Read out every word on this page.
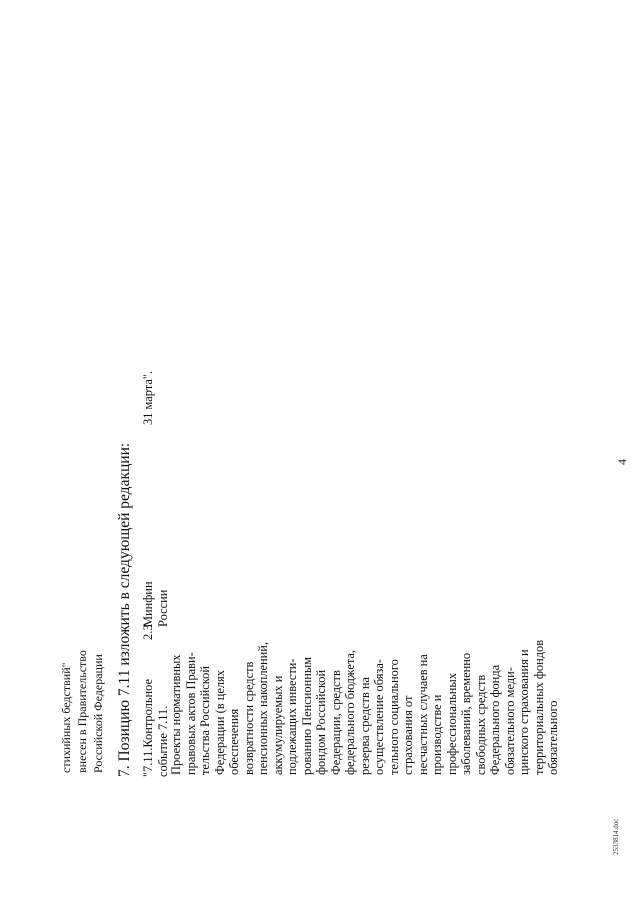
4
стихийных бедствий" внесен в Правительство Российской Федерации 7. Позицию 7.11 изложить в следующей редакции: "7.11.Контрольное событие 7.11. Проекты нормативных правовых актов Прави- тельства Российской Федерации (в целях обеспечения возвратности средств пенсионных накоплений, аккумулируемых и подлежащих инвести- рованию Пенсионным фондом Российской Федерации, средств федерального бюджета, резерва средств на осуществление обяза- тельного социального страхования от несчастных случаев на производстве и профессиональных заболеваний, временно свободных средств Федерального фонда обязательного меди- цинского страхования и территориальных фондов обязательного
Минфин России
2.3
31 марта".
2533814.doc
